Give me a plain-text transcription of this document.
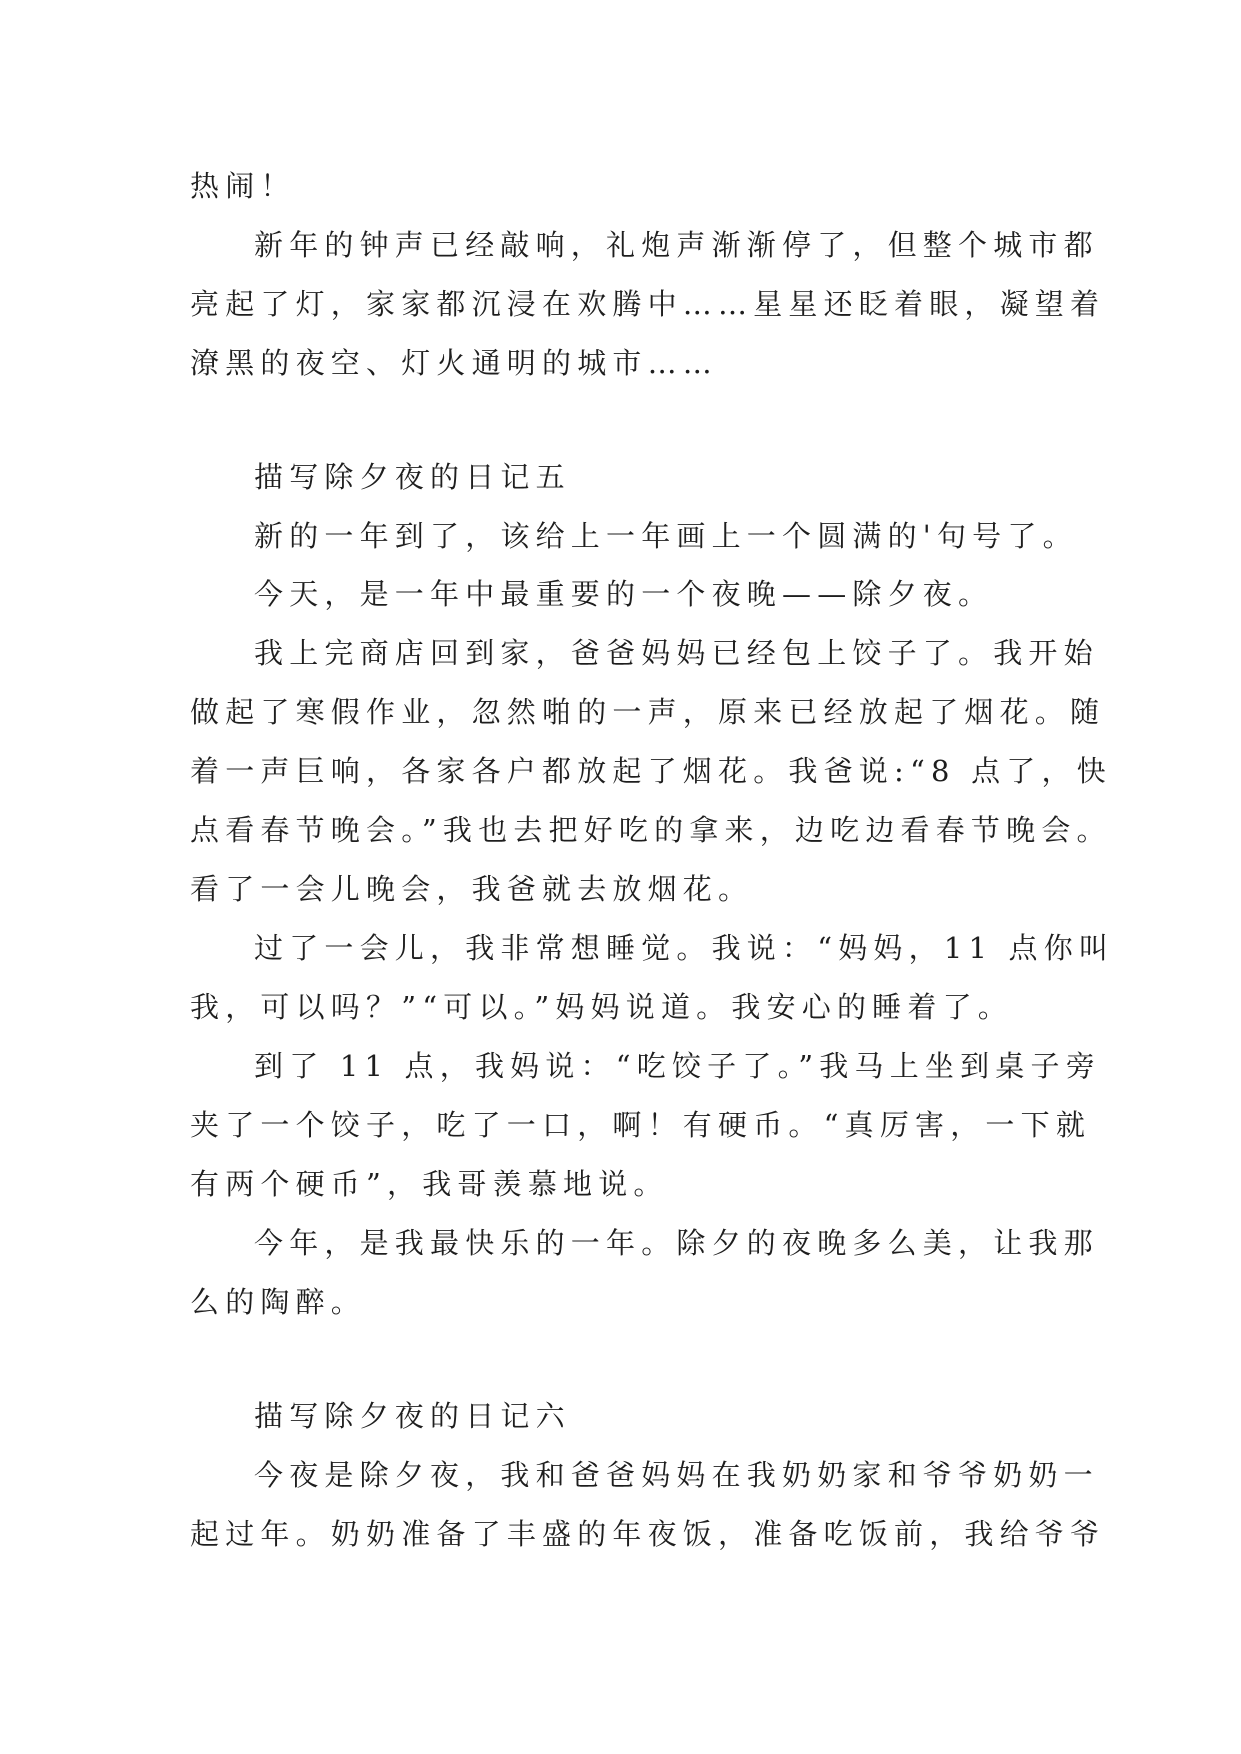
热闹！
新年的钟声已经敲响，礼炮声渐渐停了，但整个城市都
亮起了灯，家家都沉浸在欢腾中……星星还眨着眼，凝望着
潦黑的夜空、灯火通明的城市……
描写除夕夜的日记五
新的一年到了，该给上一年画上一个圆满的'句号了。
今天，是一年中最重要的一个夜晚——除夕夜。
我上完商店回到家，爸爸妈妈已经包上饺子了。我开始
做起了寒假作业，忽然啪的一声，原来已经放起了烟花。随
着一声巨响，各家各户都放起了烟花。我爸说:“8 点了，快
点看春节晚会。”我也去把好吃的拿来，边吃边看春节晚会。
看了一会儿晚会，我爸就去放烟花。
过了一会儿，我非常想睡觉。我说：“妈妈，11 点你叫
我，可以吗？”“可以。”妈妈说道。我安心的睡着了。
到了 11 点，我妈说：“吃饺子了。”我马上坐到桌子旁
夹了一个饺子，吃了一口，啊！有硬币。“真厉害，一下就
有两个硬币”，我哥羡慕地说。
今年，是我最快乐的一年。除夕的夜晚多么美，让我那
么的陶醉。
描写除夕夜的日记六
今夜是除夕夜，我和爸爸妈妈在我奶奶家和爷爷奶奶一
起过年。奶奶准备了丰盛的年夜饭，准备吃饭前，我给爷爷
